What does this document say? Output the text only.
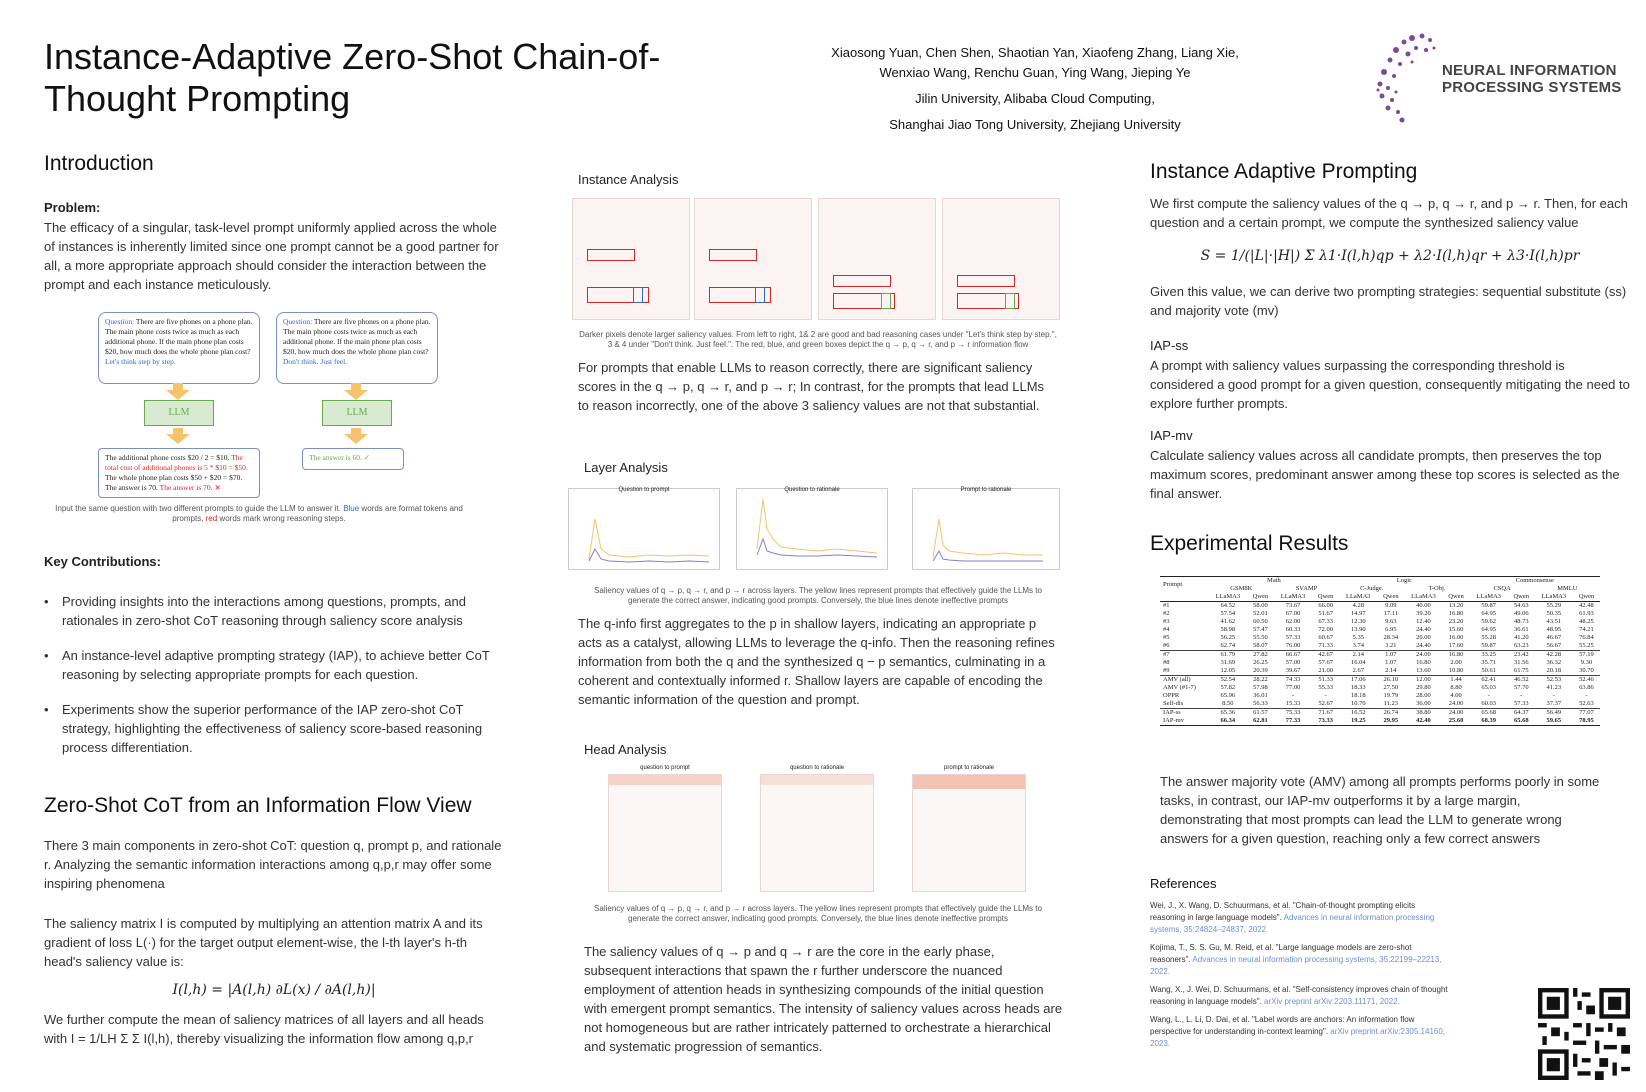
Instance-Adaptive Zero-Shot Chain-of-Thought Prompting
Xiaosong Yuan, Chen Shen, Shaotian Yan, Xiaofeng Zhang, Liang Xie,
Wenxiao Wang, Renchu Guan, Ying Wang, Jieping Ye
Jilin University, Alibaba Cloud Computing,
Shanghai Jiao Tong University, Zhejiang University
NEURAL INFORMATION
PROCESSING SYSTEMS
Introduction
Problem:
The efficacy of a singular, task-level prompt uniformly applied across the whole of instances is inherently limited since one prompt cannot be a good partner for all, a more appropriate approach should consider the interaction between the prompt and each instance meticulously.
Question: There are five phones on a phone plan. The main phone costs twice as much as each additional phone. If the main phone plan costs $20, how much does the whole phone plan cost?
Let's think step by step.
Question: There are five phones on a phone plan. The main phone costs twice as much as each additional phone. If the main phone plan costs $20, how much does the whole phone plan cost?
Don't think. Just feel.
LLM	LLM
The additional phone costs $20 / 2 = $10. The total cost of additional phones is 5 * $10 = $50. The whole phone plan costs $50 + $20 = $70. The answer is 70. The answer is 70. ✕
The answer is 60. ✓
Input the same question with two different prompts to guide the LLM to answer it. Blue words are format tokens and prompts, red words mark wrong reasoning steps.
Key Contributions:
• Providing insights into the interactions among questions, prompts, and rationales in zero-shot CoT reasoning through saliency score analysis
• An instance-level adaptive prompting strategy (IAP), to achieve better CoT reasoning by selecting appropriate prompts for each question.
• Experiments show the superior performance of the IAP zero-shot CoT strategy, highlighting the effectiveness of saliency score-based reasoning process differentiation.
Zero-Shot CoT from an Information Flow View
There 3 main components in zero-shot CoT: question q, prompt p, and rationale r. Analyzing the semantic information interactions among q,p,r may offer some inspiring phenomena
The saliency matrix I is computed by multiplying an attention matrix A and its gradient of loss L(·) for the target output element-wise, the l-th layer's h-th head's saliency value is:
I(l,h) = |A(l,h) ∂L(x) / ∂A(l,h)|
We further compute the mean of saliency matrices of all layers and all heads with I = 1/LH Σ Σ I(l,h), thereby visualizing the information flow among q,p,r
Instance Analysis
Darker pixels denote larger saliency values. From left to right, 1& 2 are good and bad reasoning cases under "Let's think step by step.", 3 & 4 under "Don't think. Just feel.". The red, blue, and green boxes depict the q → p, q → r, and p → r information flow
For prompts that enable LLMs to reason correctly, there are significant saliency scores in the q → p, q → r, and p → r; In contrast, for the prompts that lead LLMs to reason incorrectly, one of the above 3 saliency values are not that substantial.
Layer Analysis
Question to prompt	Question to rationale	Prompt to rationale
Saliency values of q → p, q → r, and p → r across layers. The yellow lines represent prompts that effectively guide the LLMs to generate the correct answer, indicating good prompts. Conversely, the blue lines denote ineffective prompts
The q-info first aggregates to the p in shallow layers, indicating an appropriate p acts as a catalyst, allowing LLMs to leverage the q-info. Then the reasoning refines information from both the q and the synthesized q − p semantics, culminating in a coherent and contextually informed r. Shallow layers are capable of encoding the semantic information of the question and prompt.
Head Analysis
question to prompt	question to rationale	prompt to rationale
Saliency values of q → p, q → r, and p → r across layers. The yellow lines represent prompts that effectively guide the LLMs to generate the correct answer, indicating good prompts. Conversely, the blue lines denote ineffective prompts
The saliency values of q → p and q → r are the core in the early phase, subsequent interactions that spawn the r further underscore the nuanced employment of attention heads in synthesizing compounds of the initial question with emergent prompt semantics. The intensity of saliency values across heads are not homogeneous but are rather intricately patterned to orchestrate a hierarchical and systematic progression of semantics.
Instance Adaptive Prompting
We first compute the saliency values of the q → p, q → r, and p → r. Then, for each question and a certain prompt, we compute the synthesized saliency value
S = 1/(|L|·|H|) Σ λ1·I(l,h)qp + λ2·I(l,h)qr + λ3·I(l,h)pr
Given this value, we can derive two prompting strategies: sequential substitute (ss) and majority vote (mv)
IAP-ss
A prompt with saliency values surpassing the corresponding threshold is considered a good prompt for a given question, consequently mitigating the need to explore further prompts.
IAP-mv
Calculate saliency values across all candidate prompts, then preserves the top maximum scores, predominant answer among these top scores is selected as the final answer.
Experimental Results
Prompt	Math				Logic				Commonsense			
	GSM8K		SVAMP		C-Judge.		T-Obj.		CSQA		MMLU	
	LLaMA3	Qwen	LLaMA3	Qwen	LLaMA3	Qwen	LLaMA3	Qwen	LLaMA3	Qwen	LLaMA3	Qwen
#1	64.52	58.00	73.67	66.00	4.28	9.09	40.00	13.20	59.87	54.63	55.29	42.48
#2	57.54	52.01	67.00	51.67	14.97	17.11	39.20	16.80	64.95	49.06	50.35	61.93
#3	41.62	60.50	62.00	67.33	12.30	9.63	12.40	23.20	59.62	48.73	43.51	48.25
#4	58.98	57.47	60.33	72.00	13.90	6.95	24.40	15.60	64.95	36.61	48.95	74.21
#5	56.25	55.50	57.33	60.67	5.35	28.34	20.00	16.00	55.28	41.20	46.67	76.84
#6	62.74	58.07	76.00	71.33	3.74	3.21	24.40	17.60	59.87	63.23	56.67	55.25
#7	61.79	27.82	66.67	42.67	2.14	1.07	24.00	16.80	33.25	23.42	42.28	57.19
#8	31.69	26.25	57.00	57.67	16.04	1.07	16.80	2.00	35.71	31.56	36.32	9.30
#9	12.05	20.39	39.67	21.00	2.67	2.14	13.60	10.80	50.61	61.75	20.18	30.70
AMV (all)	52.54	28.22	74.33	51.33	17.06	26.10	12.00	1.44	62.41	46.52	52.53	52.46
AMV (#1-7)	57.82	57.98	77.00	55.33	18.33	27.50	29.80	8.80	65.03	57.70	41.23	63.86
OPPR	65.96	36.01	-	-	18.18	19.79	28.00	4.00	-	-	-	-
Self-dis	8.50	56.33	15.33	52.67	10.70	11.23	36.00	24.00	60.03	57.33	37.37	52.63
IAP-ss	65.36	61.57	75.33	71.67	16.52	26.74	38.80	24.00	65.68	64.37	56.49	77.07
IAP-mv	66.34	62.81	77.33	73.33	19.25	29.95	42.40	25.60	68.39	65.68	59.65	78.95
The answer majority vote (AMV) among all prompts performs poorly in some tasks, in contrast, our IAP-mv outperforms it by a large margin, demonstrating that most prompts can lead the LLM to generate wrong answers for a given question, reaching only a few correct answers
References

Wei, J., X. Wang, D. Schuurmans, et al. "Chain-of-thought prompting elicits reasoning in large language models". Advances in neural information processing systems, 35:24824–24837, 2022

Kojima, T., S. S. Gu, M. Reid, et al. "Large language models are zero-shot reasoners". Advances in neural information processing systems, 35:22199–22213, 2022.

Wang, X., J. Wei, D. Schuurmans, et al. "Self-consistency improves chain of thought reasoning in language models". arXiv preprint arXiv:2203.11171, 2022.

Wang, L., L. Li, D. Dai, et al. "Label words are anchors: An information flow perspective for understanding in-context learning". arXiv preprint arXiv:2305.14160, 2023.
